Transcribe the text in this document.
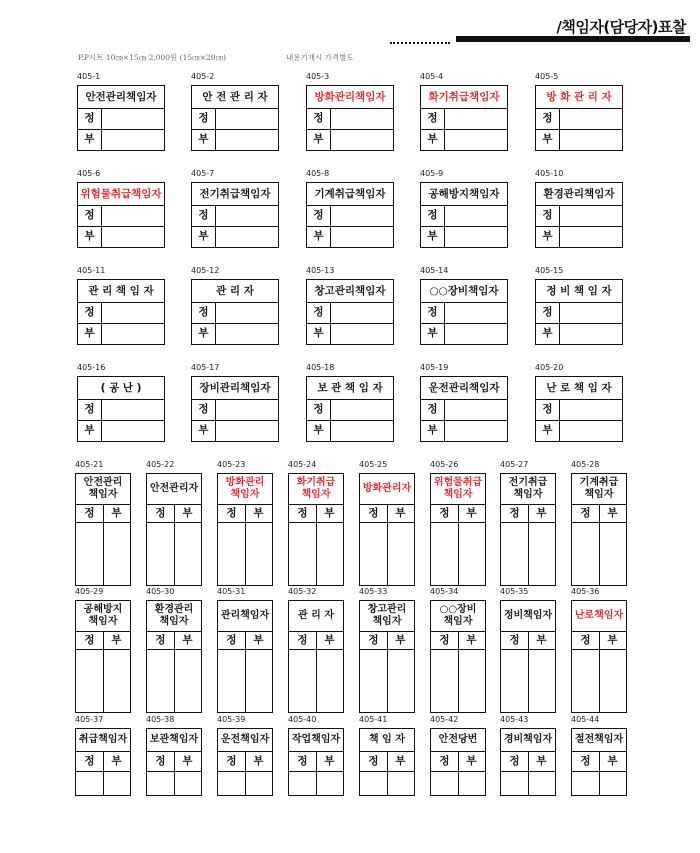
/책임자(담당자)표찰
P.P시트 10㎝×15㎝ 2,000원 (15㎝×20㎝)	내용기재시 가격별도
405-1
안전관리책임자
정
부
405-2
안 전 관 리 자
정
부
405-3
방화관리책임자
정
부
405-4
화기취급책임자
정
부
405-5
방 화 관 리 자
정
부
405-6
위험물취급책임자
정
부
405-7
전기취급책임자
정
부
405-8
기계취급책임자
정
부
405-9
공해방지책임자
정
부
405-10
환경관리책임자
정
부
405-11
관 리 책 임 자
정
부
405-12
관 리 자
정
부
405-13
창고관리책임자
정
부
405-14
○○장비책임자
정
부
405-15
정 비 책 임 자
정
부
405-16
( 공 난 )
정
부
405-17
장비관리책임자
정
부
405-18
보 관 책 임 자
정
부
405-19
운전관리책임자
정
부
405-20
난 로 책 임 자
정
부
405-21
안전관리
책임자
정	부
405-22
안전관리자
정	부
405-23
방화관리
책임자
정	부
405-24
화기취급
책임자
정	부
405-25
방화관리자
정	부
405-26
위험물취급
책임자
정	부
405-27
전기취급
책임자
정	부
405-28
기계취급
책임자
정	부
405-29
공해방지
책임자
정	부
405-30
환경관리
책임자
정	부
405-31
관리책임자
정	부
405-32
관 리 자
정	부
405-33
창고관리
책임자
정	부
405-34
○○장비
책임자
정	부
405-35
정비책임자
정	부
405-36
난로책임자
정	부
405-37
취급책임자
정	부
405-38
보관책임자
정	부
405-39
운전책임자
정	부
405-40
작업책임자
정	부
405-41
책 임 자
정	부
405-42
안전당번
정	부
405-43
경비책임자
정	부
405-44
절전책임자
정	부
